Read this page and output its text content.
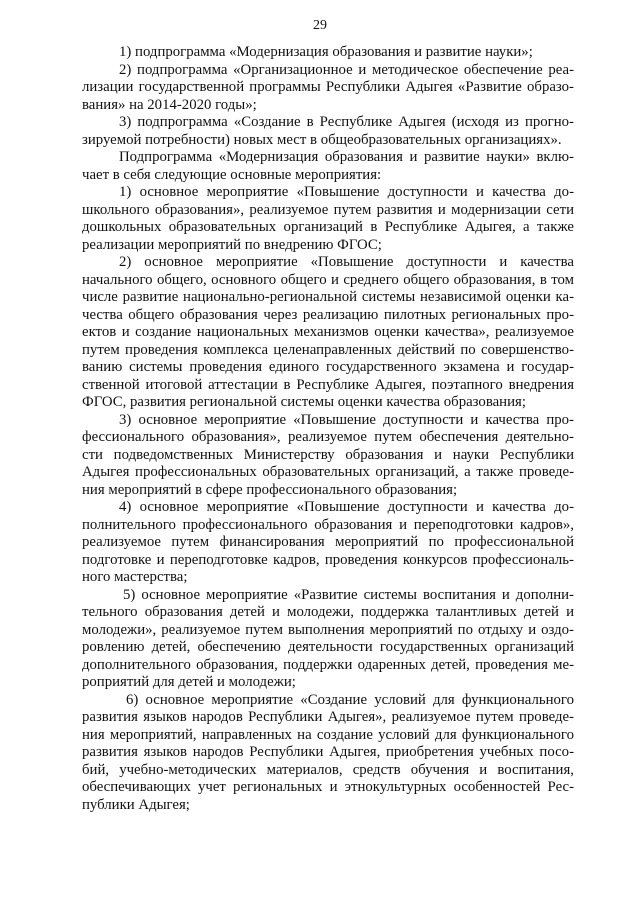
29
1) подпрограмма «Модернизация образования и развитие науки»;
2) подпрограмма «Организационное и методическое обеспечение реа-
лизации государственной программы Республики Адыгея «Развитие образо-
вания» на 2014-2020 годы»;
3) подпрограмма «Создание в Республике Адыгея (исходя из прогно-
зируемой потребности) новых мест в общеобразовательных организациях».
Подпрограмма «Модернизация образования и развитие науки» вклю-
чает в себя следующие основные мероприятия:
1) основное мероприятие «Повышение доступности и качества до-
школьного образования», реализуемое путем развития и модернизации сети
дошкольных образовательных организаций в Республике Адыгея, а также
реализации мероприятий по внедрению ФГОС;
2) основное мероприятие «Повышение доступности и качества
начального общего, основного общего и среднего общего образования, в том
числе развитие национально-региональной системы независимой оценки ка-
чества общего образования через реализацию пилотных региональных про-
ектов и создание национальных механизмов оценки качества», реализуемое
путем проведения комплекса целенаправленных действий по совершенство-
ванию системы проведения единого государственного экзамена и государ-
ственной итоговой аттестации в Республике Адыгея, поэтапного внедрения
ФГОС, развития региональной системы оценки качества образования;
3) основное мероприятие «Повышение доступности и качества про-
фессионального образования», реализуемое путем обеспечения деятельно-
сти подведомственных Министерству образования и науки Республики
Адыгея профессиональных образовательных организаций, а также проведе-
ния мероприятий в сфере профессионального образования;
4) основное мероприятие «Повышение доступности и качества до-
полнительного профессионального образования и переподготовки кадров»,
реализуемое путем финансирования мероприятий по профессиональной
подготовке и переподготовке кадров, проведения конкурсов профессиональ-
ного мастерства;
5) основное мероприятие «Развитие системы воспитания и дополни-
тельного образования детей и молодежи, поддержка талантливых детей и
молодежи», реализуемое путем выполнения мероприятий по отдыху и оздо-
ровлению детей, обеспечению деятельности государственных организаций
дополнительного образования, поддержки одаренных детей, проведения ме-
роприятий для детей и молодежи;
6) основное мероприятие «Создание условий для функционального
развития языков народов Республики Адыгея», реализуемое путем проведе-
ния мероприятий, направленных на создание условий для функционального
развития языков народов Республики Адыгея, приобретения учебных посо-
бий, учебно-методических материалов, средств обучения и воспитания,
обеспечивающих учет региональных и этнокультурных особенностей Рес-
публики Адыгея;
